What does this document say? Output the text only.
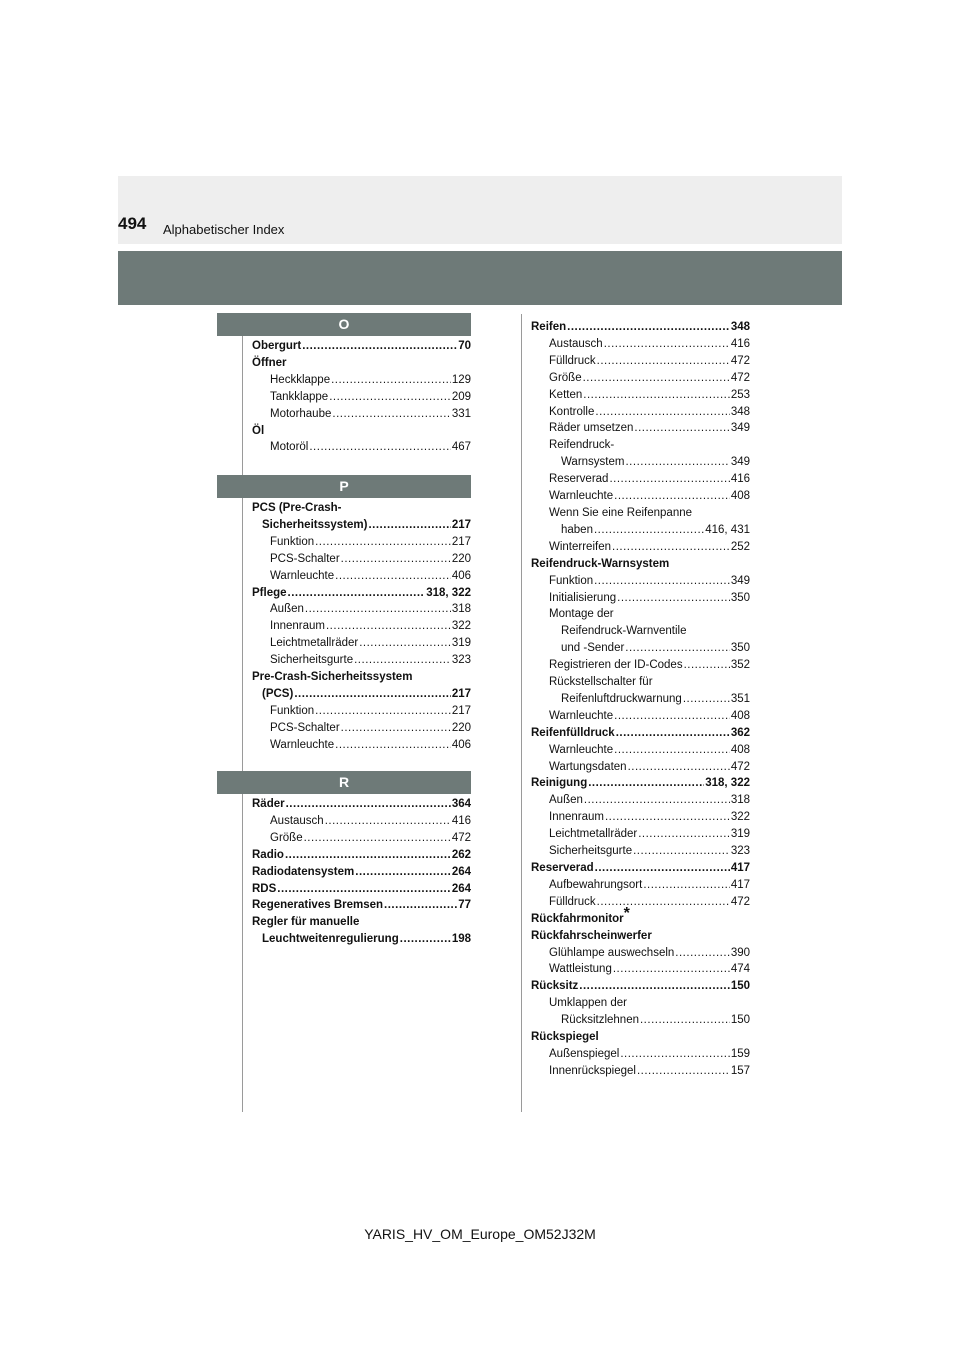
494 Alphabetischer Index
O
P
R
Obergurt .....	70
Öffner
Heckklappe .....	129
Tankklappe .....	209
Motorhaube .....	331
Öl
Motoröl .....	467
PCS (Pre-Crash-
Sicherheitssystem) .....	217
Funktion .....	217
PCS-Schalter .....	220
Warnleuchte .....	406
Pflege .....	318, 322
Außen .....	318
Innenraum .....	322
Leichtmetallräder .....	319
Sicherheitsgurte .....	323
Pre-Crash-Sicherheitssystem
(PCS) .....	217
Funktion .....	217
PCS-Schalter .....	220
Warnleuchte .....	406
Räder .....	364
Austausch .....	416
Größe .....	472
Radio .....	262
Radiodatensystem .....	264
RDS .....	264
Regeneratives Bremsen .....	77
Regler für manuelle
Leuchtweitenregulierung .....	198
Reifen .....	348
Austausch .....	416
Fülldruck .....	472
Größe .....	472
Ketten .....	253
Kontrolle .....	348
Räder umsetzen .....	349
Reifendruck-
Warnsystem .....	349
Reserverad .....	416
Warnleuchte .....	408
Wenn Sie eine Reifenpanne
haben .....	416, 431
Winterreifen .....	252
Reifendruck-Warnsystem
Funktion .....	349
Initialisierung .....	350
Montage der
Reifendruck-Warnventile
und -Sender .....	350
Registrieren der ID-Codes .....	352
Rückstellschalter für
Reifenluftdruckwarnung .....	351
Warnleuchte .....	408
Reifenfülldruck .....	362
Warnleuchte .....	408
Wartungsdaten .....	472
Reinigung .....	318, 322
Außen .....	318
Innenraum .....	322
Leichtmetallräder .....	319
Sicherheitsgurte .....	323
Reserverad .....	417
Aufbewahrungsort .....	417
Fülldruck .....	472
Rückfahrmonitor*
Rückfahrscheinwerfer
Glühlampe auswechseln .....	390
Wattleistung .....	474
Rücksitz .....	150
Umklappen der
Rücksitzlehnen .....	150
Rückspiegel
Außenspiegel .....	159
Innenrückspiegel .....	157
YARIS_HV_OM_Europe_OM52J32M
